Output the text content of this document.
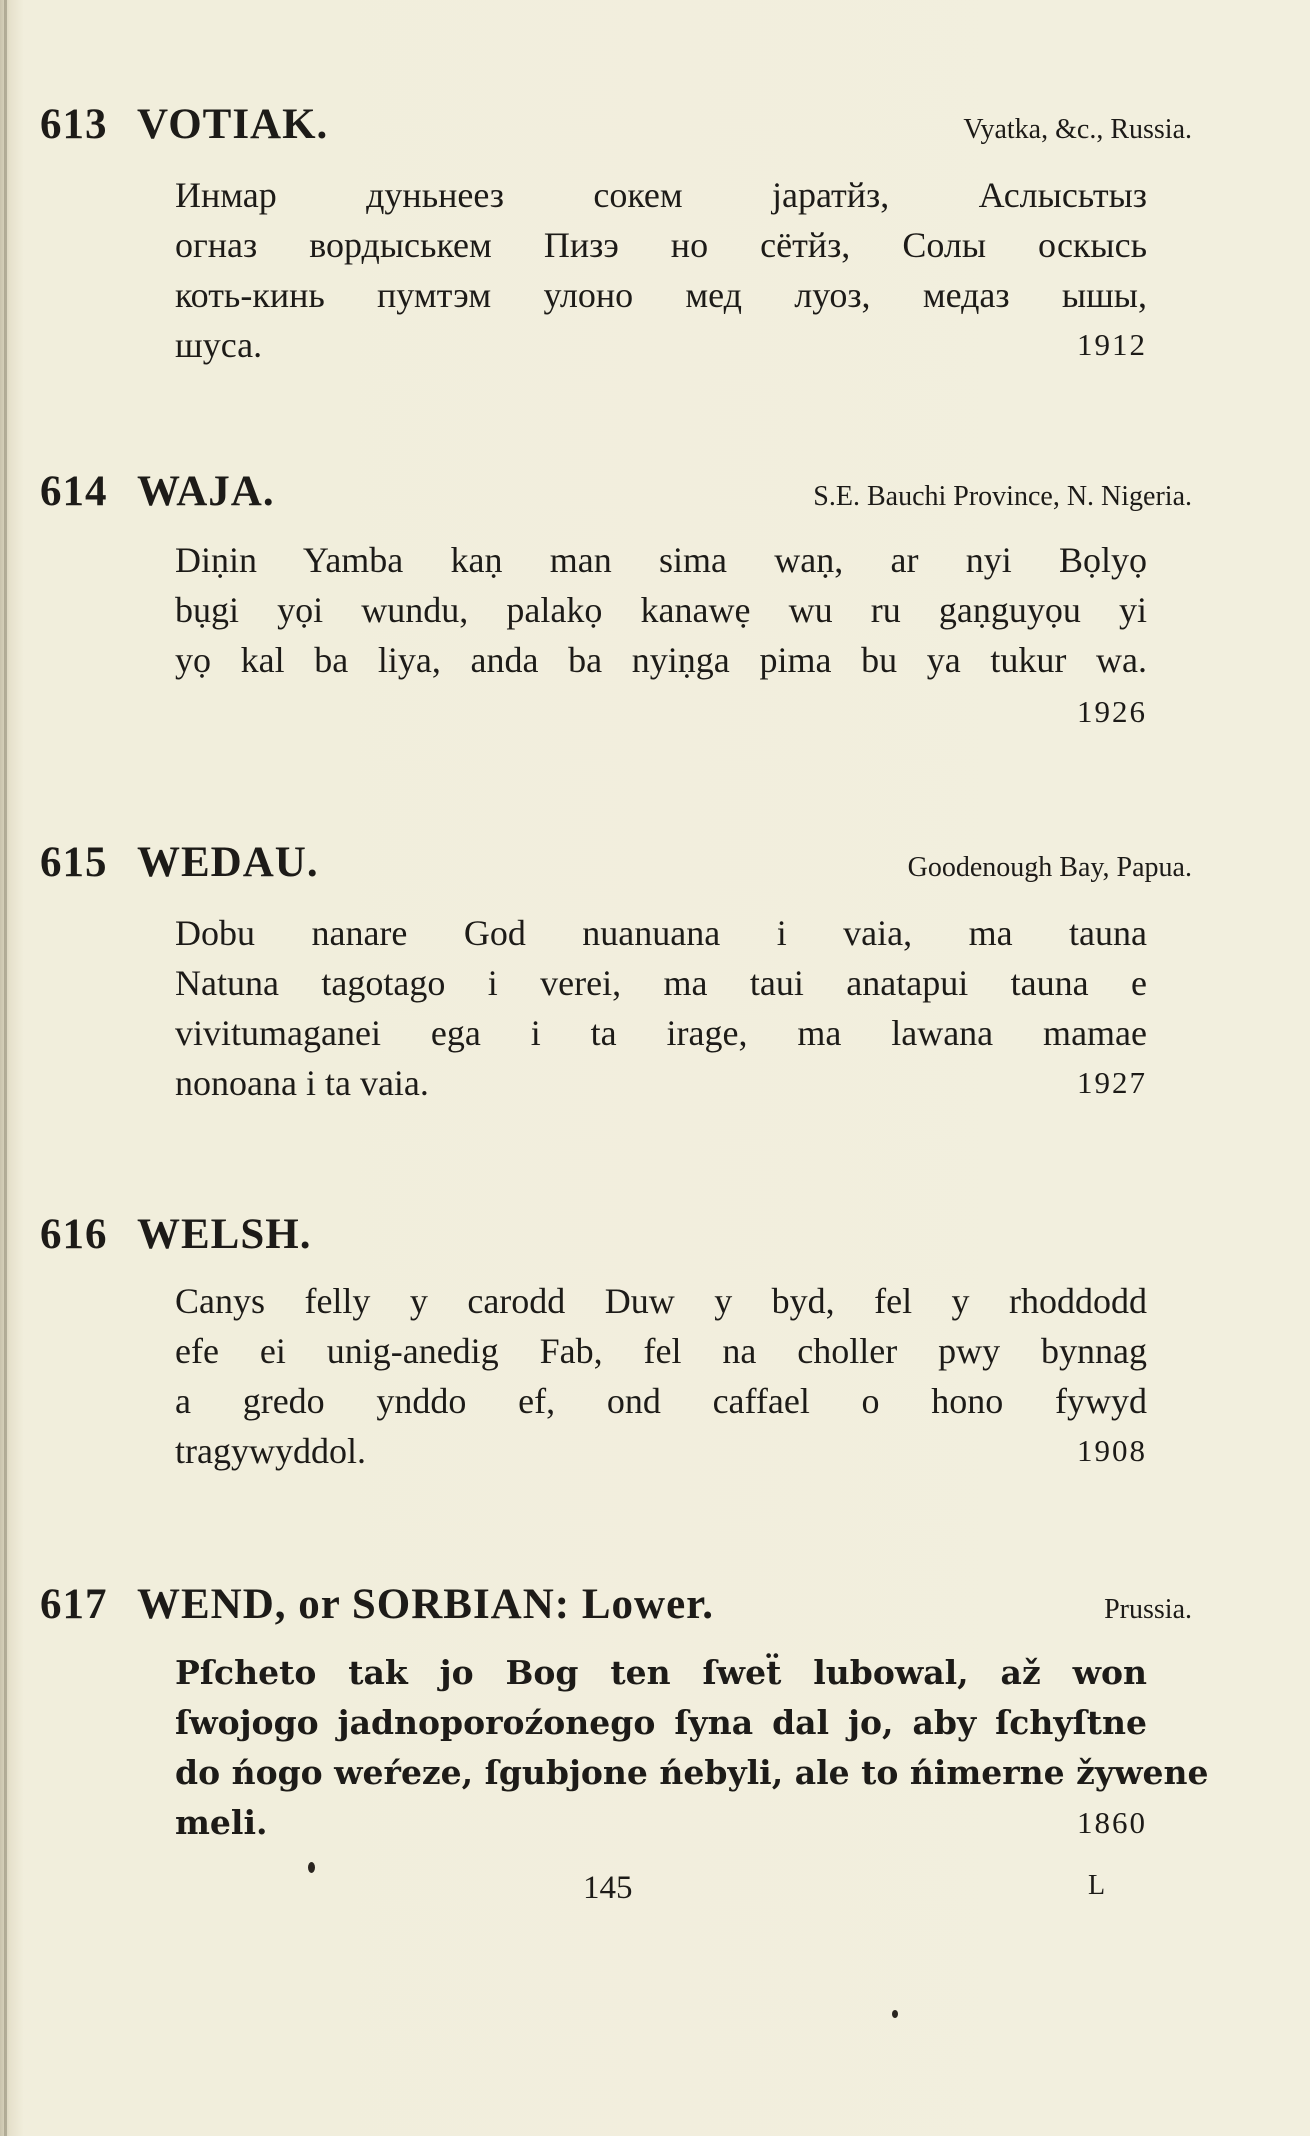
613 VOTIAK.	Vyatka, &c., Russia.
Инмар дуньнеез сокем јаратйз, Аслысьтыз
огназ вордыськем Пизэ но сётйз, Солы оскысь
коть-кинь пумтэм улоно мед луоз, медаз ышы,
шуса.	1912
614 WAJA.	S.E. Bauchi Province, N. Nigeria.
Diṇin Yamba kaṇ man sima waṇ, ar nyi Bọlyọ
bụgi yọi wundu, palakọ kanawẹ wu ru gaṇguyọu yi
yọ kal ba liya, anda ba nyiṇga pima bu ya tukur wa.
1926
615 WEDAU.	Goodenough Bay, Papua.
Dobu nanare God nuanuana i vaia, ma tauna
Natuna tagotago i verei, ma taui anatapui tauna e
vivitumaganei ega i ta irage, ma lawana mamae
nonoana i ta vaia.	1927
616 WELSH.
Canys felly y carodd Duw y byd, fel y rhoddodd
efe ei unig-anedig Fab, fel na choller pwy bynnag
a gredo ynddo ef, ond caffael o hono fywyd
tragywyddol.	1908
617 WEND, or SORBIAN: Lower.	Prussia.
Pſcheto tak jo Bog ten ſweẗ lubowal, až won
ſwojogo jadnoporoźonego ſyna dal jo, aby ſchyſtne
do ńogo weŕeze, ſgubjone ńebyli, ale to ńimerne žywene
meli.	1860
145	L
